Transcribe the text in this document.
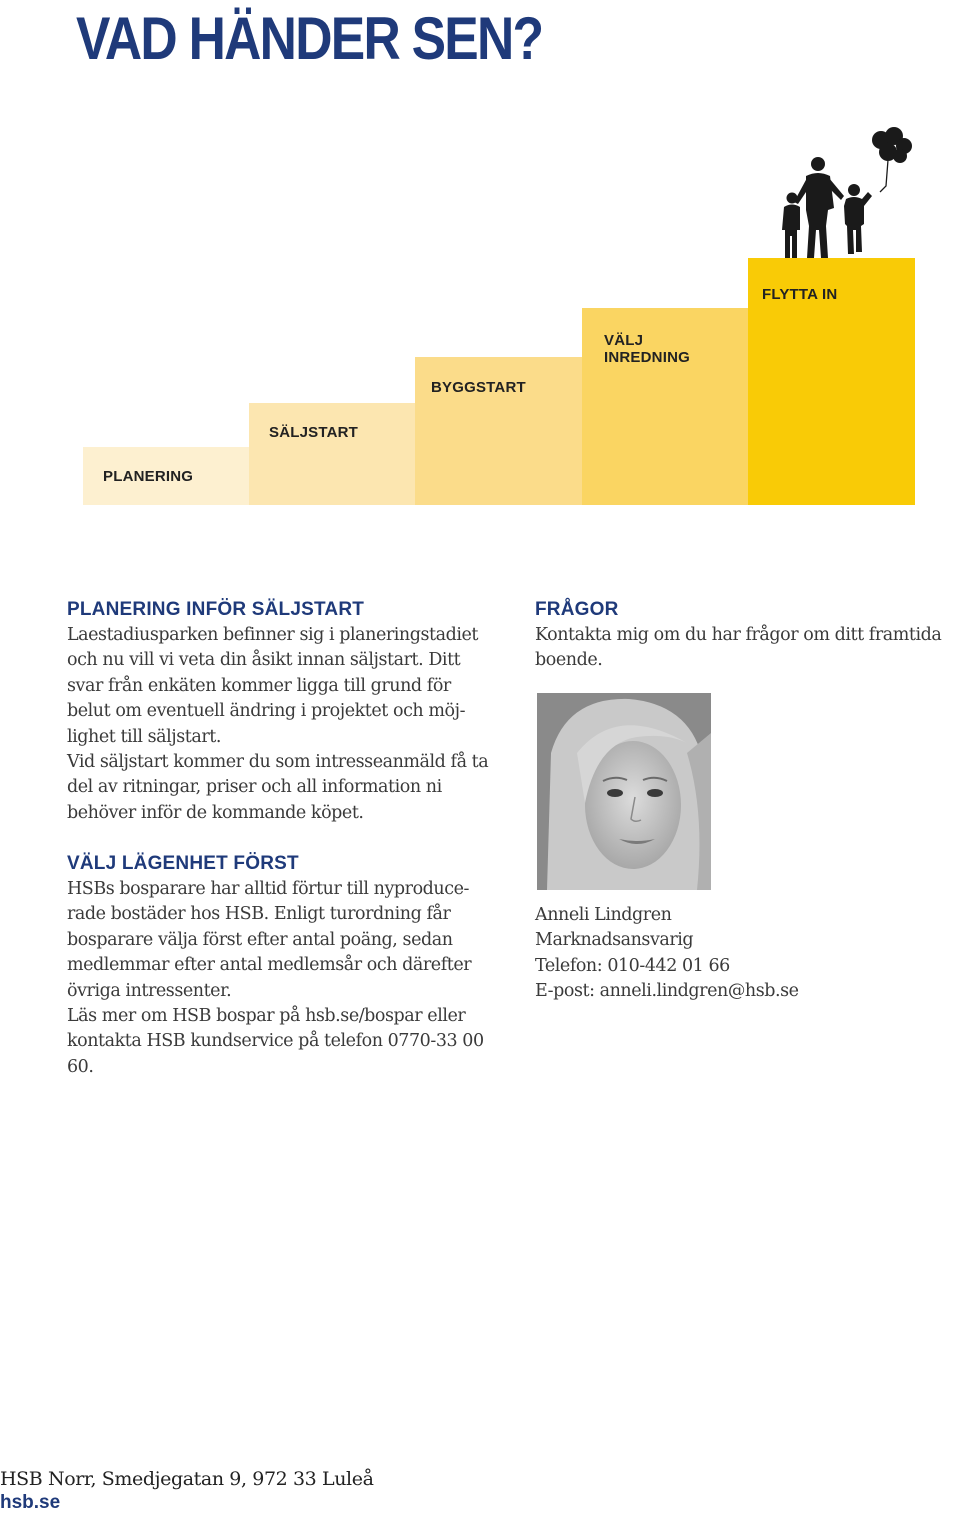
VAD HÄNDER SEN?
PLANERING
SÄLJSTART
BYGGSTART
VÄLJ
INREDNING
FLYTTA IN
PLANERING INFÖR SÄLJSTART

Laestadiusparken befinner sig i planeringstadiet

och nu vill vi veta din åsikt innan säljstart. Ditt

svar från enkäten kommer ligga till grund för

belut om eventuell ändring i projektet och möj-

lighet till säljstart.

Vid säljstart kommer du som intresseanmäld få ta

del av ritningar, priser och all information ni

behöver inför de kommande köpet.

VÄLJ LÄGENHET FÖRST

HSBs bosparare har alltid förtur till nyproduce-

rade bostäder hos HSB. Enligt turordning får

bosparare välja först efter antal poäng, sedan

medlemmar efter antal medlemsår och därefter

övriga intressenter.

Läs mer om HSB bospar på hsb.se/bospar eller

kontakta HSB kundservice på telefon 0770-33 00

60.

FRÅGOR

Kontakta mig om du har frågor om ditt framtida

boende.

Anneli Lindgren
Marknadsansvarig
Telefon: 010-442 01 66
E-post: anneli.lindgren@hsb.se
HSB Norr, Smedjegatan 9, 972 33 Luleå
hsb.se
